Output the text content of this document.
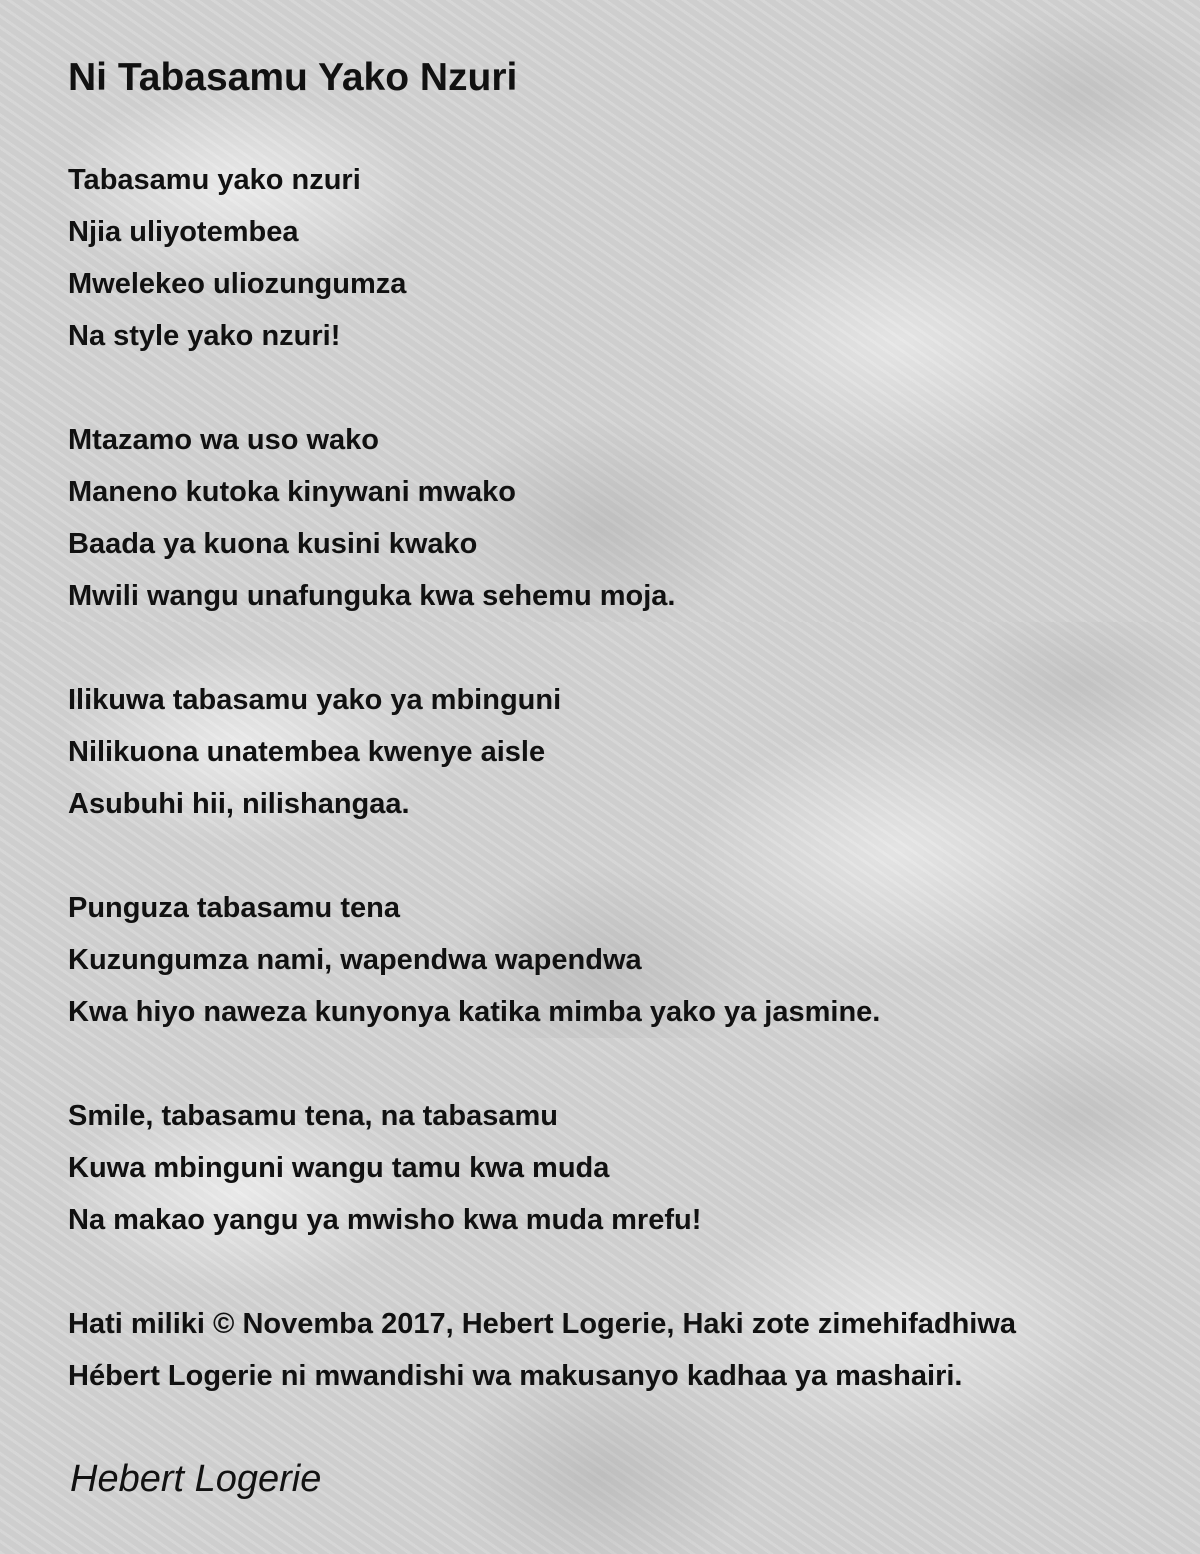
Ni Tabasamu Yako Nzuri
Tabasamu yako nzuri
Njia uliyotembea
Mwelekeo uliozungumza
Na style yako nzuri!
Mtazamo wa uso wako
Maneno kutoka kinywani mwako
Baada ya kuona kusini kwako
Mwili wangu unafunguka kwa sehemu moja.
Ilikuwa tabasamu yako ya mbinguni
Nilikuona unatembea kwenye aisle
Asubuhi hii, nilishangaa.
Punguza tabasamu tena
Kuzungumza nami, wapendwa wapendwa
Kwa hiyo naweza kunyonya katika mimba yako ya jasmine.
Smile, tabasamu tena, na tabasamu
Kuwa mbinguni wangu tamu kwa muda
Na makao yangu ya mwisho kwa muda mrefu!
Hati miliki © Novemba 2017, Hebert Logerie, Haki zote zimehifadhiwa
Hébert Logerie ni mwandishi wa makusanyo kadhaa ya mashairi.
Hebert Logerie
